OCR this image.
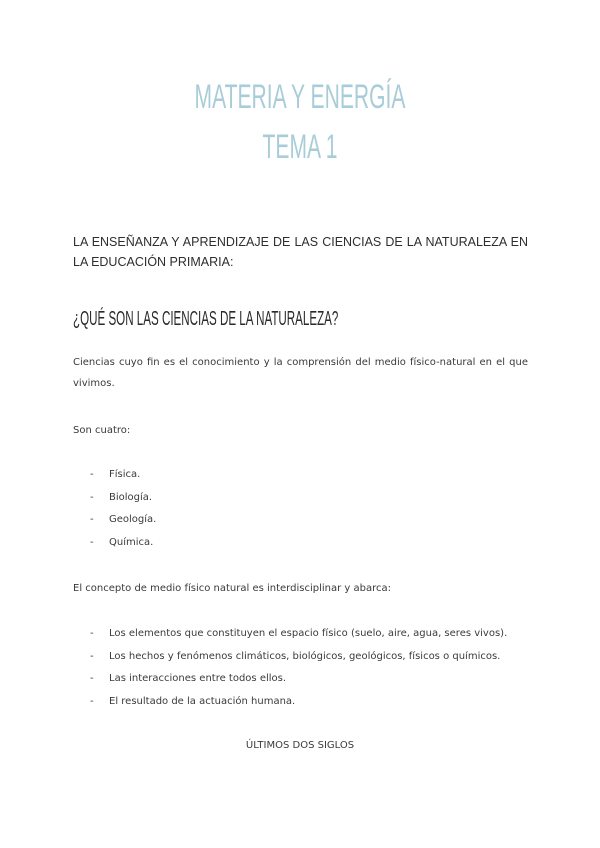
MATERIA Y ENERGÍA
TEMA 1
LA ENSEÑANZA Y APRENDIZAJE DE LAS CIENCIAS DE LA NATURALEZA EN LA EDUCACIÓN PRIMARIA:
¿QUÉ SON LAS CIENCIAS DE LA NATURALEZA?
Ciencias cuyo fin es el conocimiento y la comprensión del medio físico-natural en el que vivimos.
Son cuatro:
- Física.
- Biología.
- Geología.
- Química.
El concepto de medio físico natural es interdisciplinar y abarca:
- Los elementos que constituyen el espacio físico (suelo, aire, agua, seres vivos).
- Los hechos y fenómenos climáticos, biológicos, geológicos, físicos o químicos.
- Las interacciones entre todos ellos.
- El resultado de la actuación humana.
ÚLTIMOS DOS SIGLOS
